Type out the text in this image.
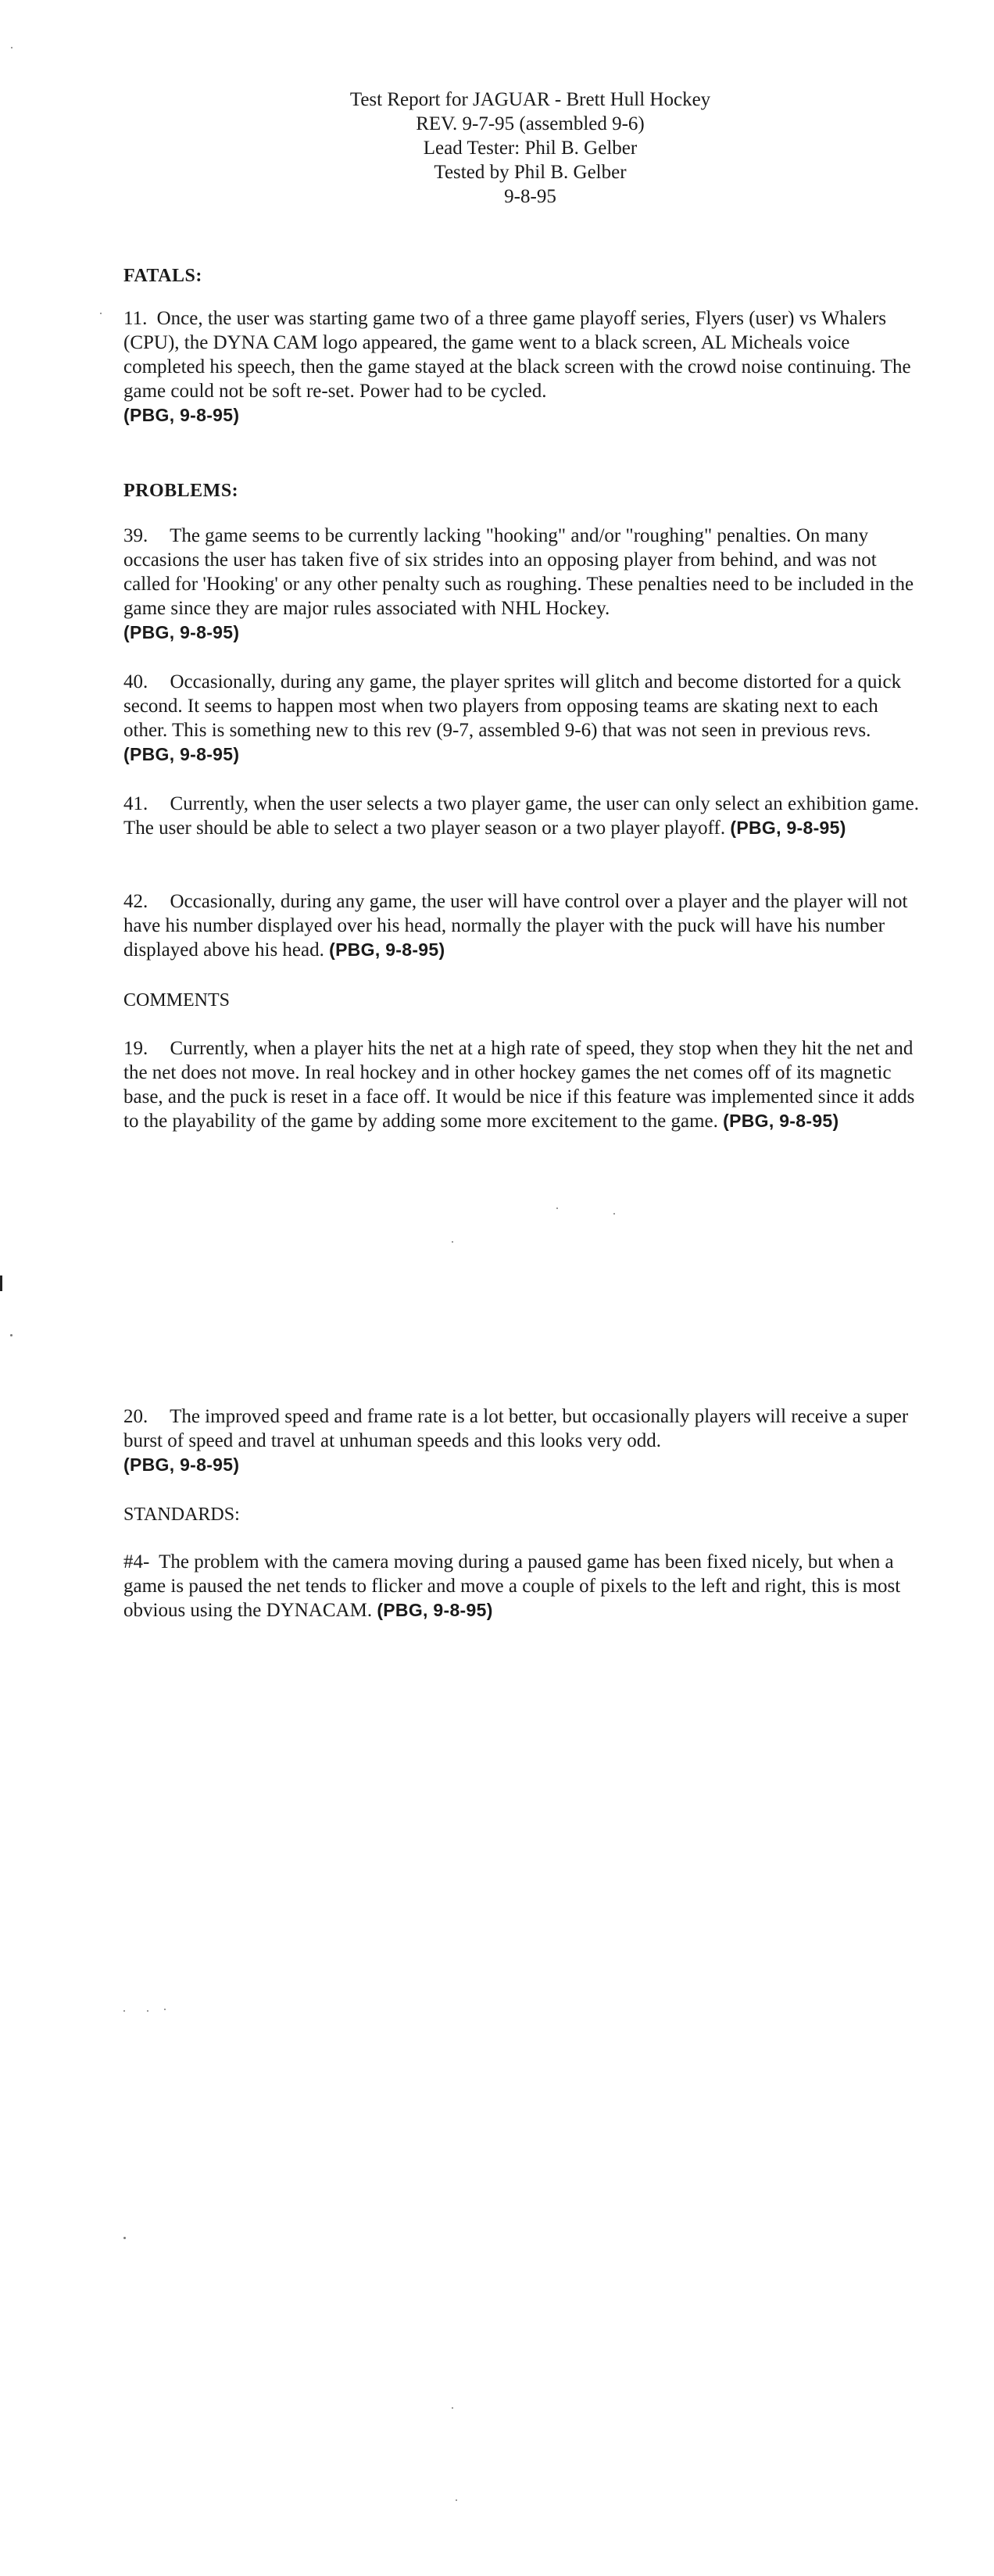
Test Report for JAGUAR - Brett Hull Hockey
REV. 9-7-95 (assembled 9-6)
Lead Tester: Phil B. Gelber
Tested by Phil B. Gelber
9-8-95
FATALS:
11. Once, the user was starting game two of a three game playoff series, Flyers (user) vs Whalers (CPU), the DYNA CAM logo appeared, the game went to a black screen, AL Micheals voice completed his speech, then the game stayed at the black screen with the crowd noise continuing. The game could not be soft re-set. Power had to be cycled.
(PBG, 9-8-95)
PROBLEMS:
39. The game seems to be currently lacking "hooking" and/or "roughing" penalties. On many occasions the user has taken five of six strides into an opposing player from behind, and was not called for 'Hooking' or any other penalty such as roughing. These penalties need to be included in the game since they are major rules associated with NHL Hockey.
(PBG, 9-8-95)
40. Occasionally, during any game, the player sprites will glitch and become distorted for a quick second. It seems to happen most when two players from opposing teams are skating next to each other. This is something new to this rev (9-7, assembled 9-6) that was not seen in previous revs. (PBG, 9-8-95)
41. Currently, when the user selects a two player game, the user can only select an exhibition game. The user should be able to select a two player season or a two player playoff. (PBG, 9-8-95)
42. Occasionally, during any game, the user will have control over a player and the player will not have his number displayed over his head, normally the player with the puck will have his number displayed above his head. (PBG, 9-8-95)
COMMENTS
19. Currently, when a player hits the net at a high rate of speed, they stop when they hit the net and the net does not move. In real hockey and in other hockey games the net comes off of its magnetic base, and the puck is reset in a face off. It would be nice if this feature was implemented since it adds to the playability of the game by adding some more excitement to the game. (PBG, 9-8-95)
20. The improved speed and frame rate is a lot better, but occasionally players will receive a super burst of speed and travel at unhuman speeds and this looks very odd.
(PBG, 9-8-95)
STANDARDS:
#4- The problem with the camera moving during a paused game has been fixed nicely, but when a game is paused the net tends to flicker and move a couple of pixels to the left and right, this is most obvious using the DYNACAM. (PBG, 9-8-95)
